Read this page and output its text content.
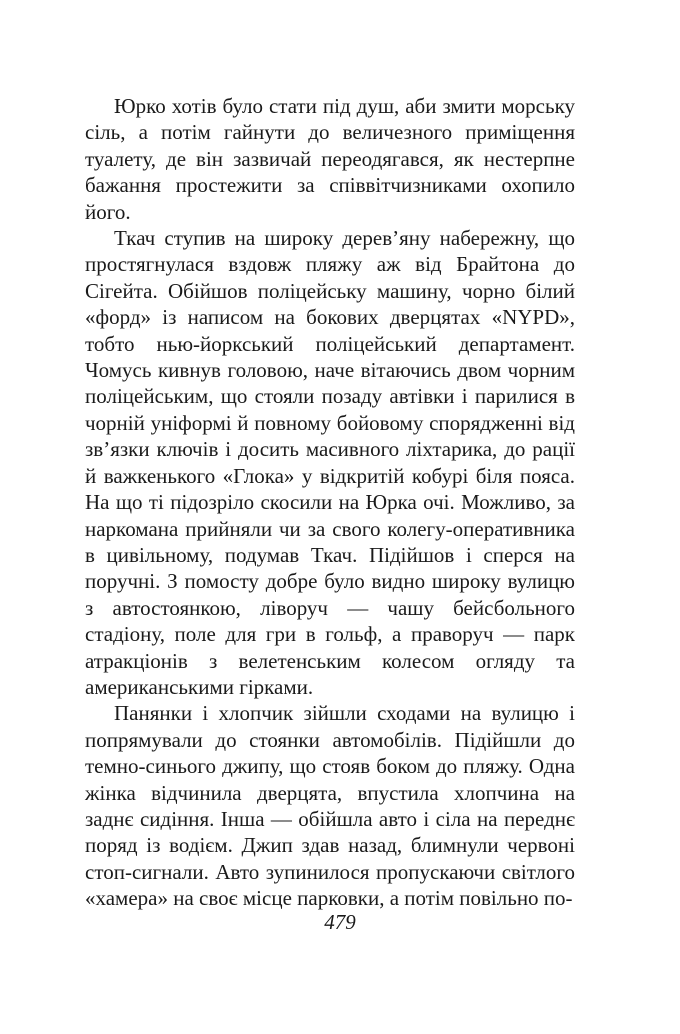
Юрко хотів було стати під душ, аби змити морську сіль, а потім гайнути до величезного приміщення туалету, де він зазвичай переодягався, як нестерпне бажання простежити за співвітчизниками охопило його.

Ткач ступив на широку дерев’яну набережну, що простягнулася вздовж пляжу аж від Брайтона до Сігейта. Обійшов поліцейську машину, чорно білий «форд» із написом на бокових дверцятах «NYPD», тобто нью-йоркський поліцейський департамент. Чомусь кивнув головою, наче вітаючись двом чорним поліцейським, що стояли позаду автівки і парилися в чорній уніформі й повному бойовому спорядженні від зв’язки ключів і досить масивного ліхтарика, до рації й важкенького «Глока» у відкритій кобурі біля пояса. На що ті підозріло скосили на Юрка очі. Можливо, за наркомана прийняли чи за свого колегу-оперативника в цивільному, подумав Ткач. Підійшов і сперся на поручні. З помосту добре було видно широку вулицю з автостоянкою, ліворуч — чашу бейсбольного стадіону, поле для гри в гольф, а праворуч — парк атракціонів з велетенським колесом огляду та американськими гірками.

Панянки і хлопчик зійшли сходами на вулицю і попрямували до стоянки автомобілів. Підійшли до темно-синього джипу, що стояв боком до пляжу. Одна жінка відчинила дверцята, впустила хлопчина на заднє сидіння. Інша — обійшла авто і сіла на переднє поряд із водієм. Джип здав назад, блимнули червоні стоп-сигнали. Авто зупинилося пропускаючи світлого «хамера» на своє місце парковки, а потім повільно по-

479
